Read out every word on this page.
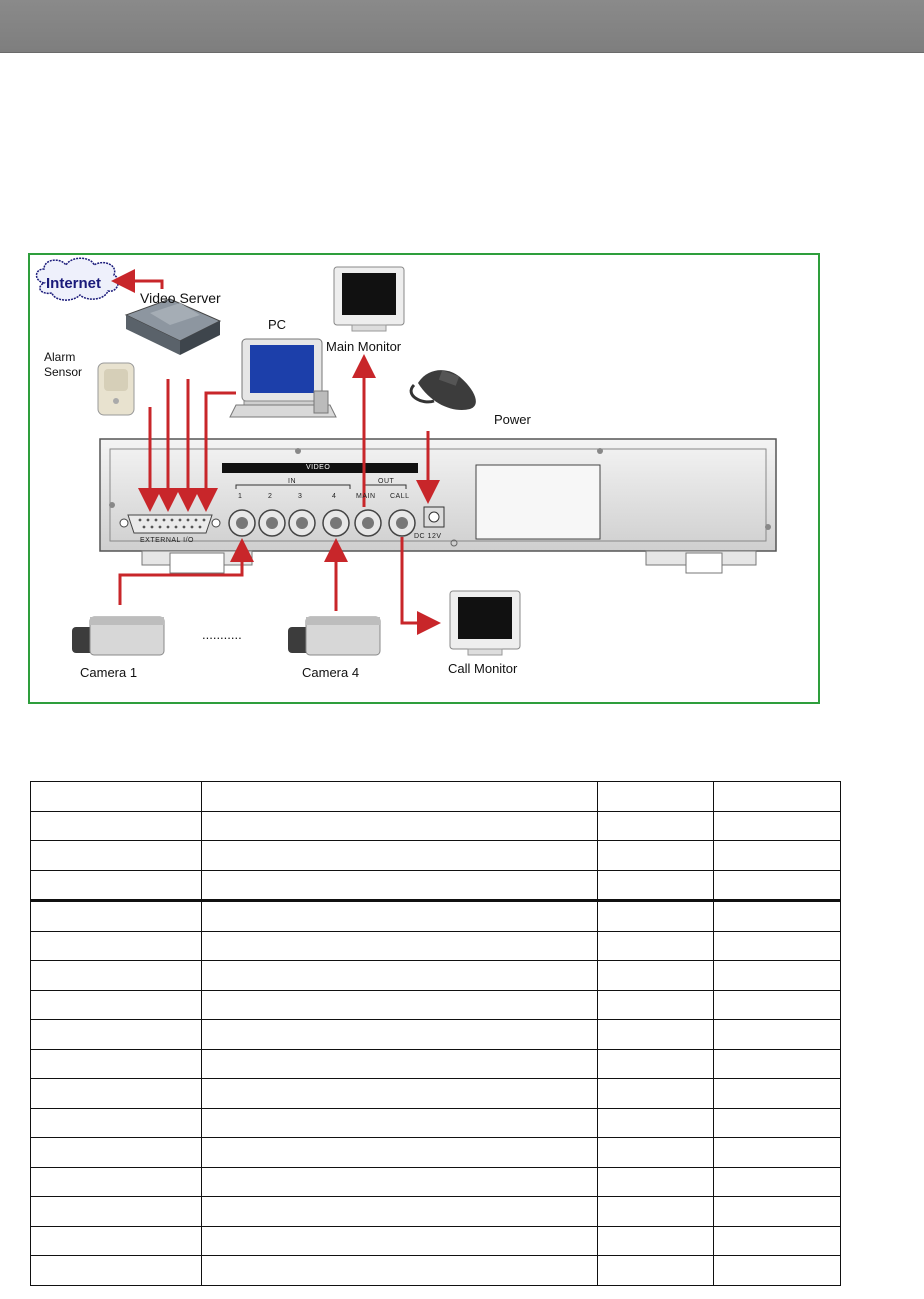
Internet
Video Server
PC
Main Monitor
Alarm
Sensor
Power
Camera 1
...........
Camera 4	Call Monitor
VIDEO
IN	OUT
1	2	3	4	MAIN CALL
EXTERNAL I/O
DC 12V
